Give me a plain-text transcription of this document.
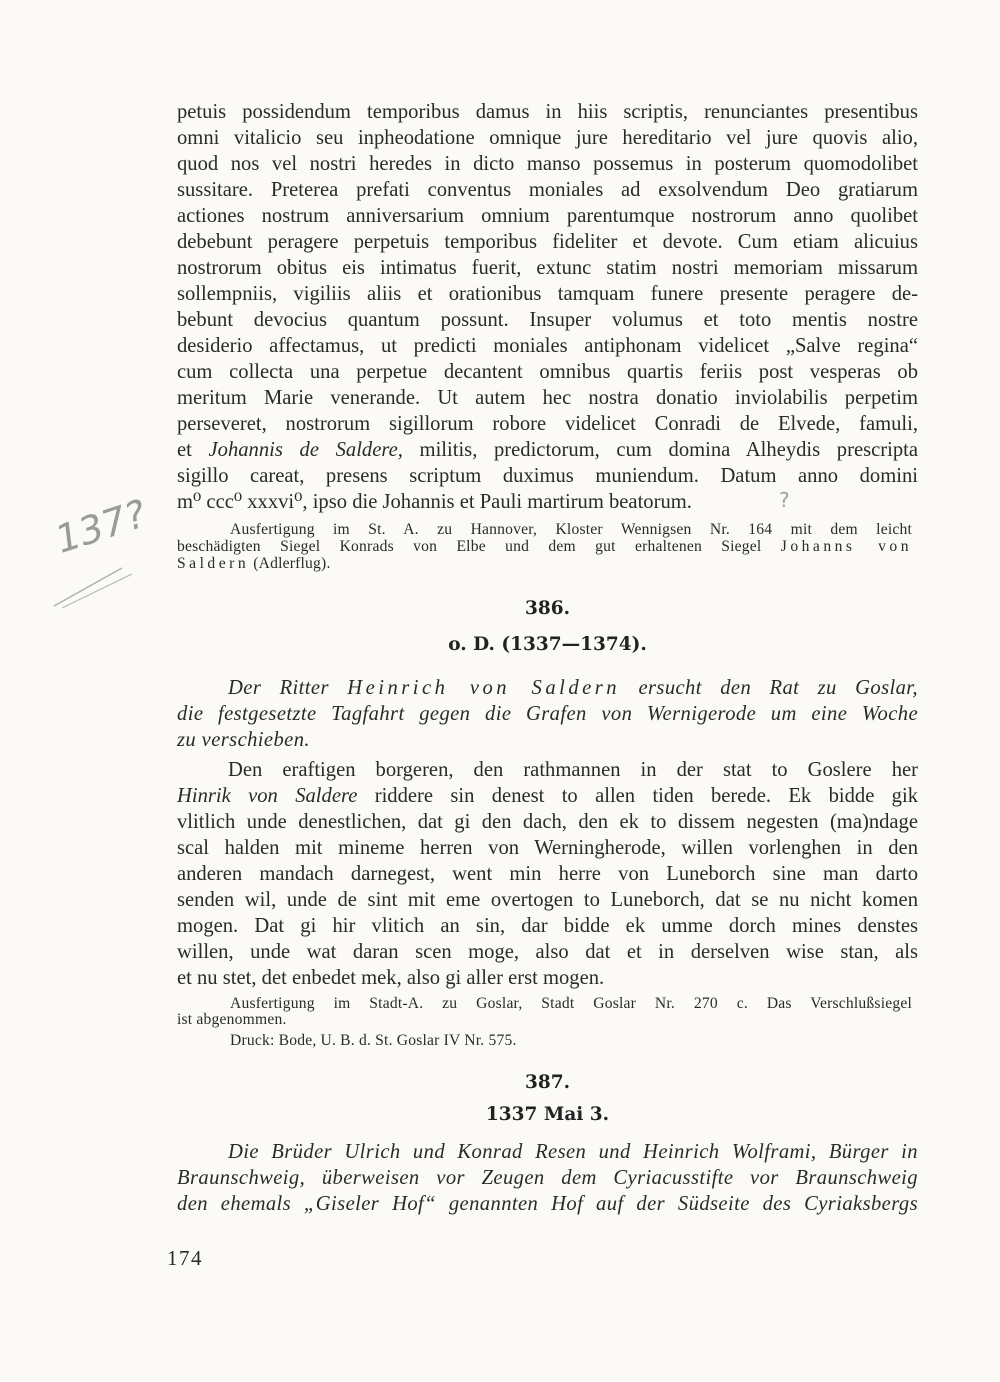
petuis possidendum temporibus damus in hiis scriptis, renunciantes presentibus
omni vitalicio seu inpheodatione omnique jure hereditario vel jure quovis alio,
quod nos vel nostri heredes in dicto manso possemus in posterum quomodolibet
sussitare. Preterea prefati conventus moniales ad exsolvendum Deo gratiarum
actiones nostrum anniversarium omnium parentumque nostrorum anno quolibet
debebunt peragere perpetuis temporibus fideliter et devote. Cum etiam alicuius
nostrorum obitus eis intimatus fuerit, extunc statim nostri memoriam missarum
sollempniis, vigiliis aliis et orationibus tamquam funere presente peragere de-
bebunt devocius quantum possunt. Insuper volumus et toto mentis nostre
desiderio affectamus, ut predicti moniales antiphonam videlicet „Salve regina“
cum collecta una perpetue decantent omnibus quartis feriis post vesperas ob
meritum Marie venerande. Ut autem hec nostra donatio inviolabilis perpetim
perseveret, nostrorum sigillorum robore videlicet Conradi de Elvede, famuli,
et Johannis de Saldere, militis, predictorum, cum domina Alheydis prescripta
sigillo careat, presens scriptum duximus muniendum. Datum anno domini
m⁰ ccc⁰ xxxvi⁰, ipso die Johannis et Pauli martirum beatorum.
Ausfertigung im St. A. zu Hannover, Kloster Wennigsen Nr. 164 mit dem leicht
beschädigten Siegel Konrads von Elbe und dem gut erhaltenen Siegel Johanns von
Saldern (Adlerflug).
137?	?
386.
o. D. (1337—1374).
Der Ritter Heinrich von Saldern ersucht den Rat zu Goslar,
die festgesetzte Tagfahrt gegen die Grafen von Wernigerode um eine Woche
zu verschieben.
Den eraftigen borgeren, den rathmannen in der stat to Goslere her
Hinrik von Saldere riddere sin denest to allen tiden berede. Ek bidde gik
vlitlich unde denestlichen, dat gi den dach, den ek to dissem negesten (ma)ndage
scal halden mit mineme herren von Werningherode, willen vorlenghen in den
anderen mandach darnegest, went min herre von Luneborch sine man darto
senden wil, unde de sint mit eme overtogen to Luneborch, dat se nu nicht komen
mogen. Dat gi hir vlitich an sin, dar bidde ek umme dorch mines denstes
willen, unde wat daran scen moge, also dat et in derselven wise stan, als
et nu stet, det enbedet mek, also gi aller erst mogen.
Ausfertigung im Stadt-A. zu Goslar, Stadt Goslar Nr. 270 c. Das Verschlußsiegel
ist abgenommen.
Druck: Bode, U. B. d. St. Goslar IV Nr. 575.
387.
1337 Mai 3.
Die Brüder Ulrich und Konrad Resen und Heinrich Wolframi, Bürger in
Braunschweig, überweisen vor Zeugen dem Cyriacusstifte vor Braunschweig
den ehemals „Giseler Hof“ genannten Hof auf der Südseite des Cyriaksbergs
174
